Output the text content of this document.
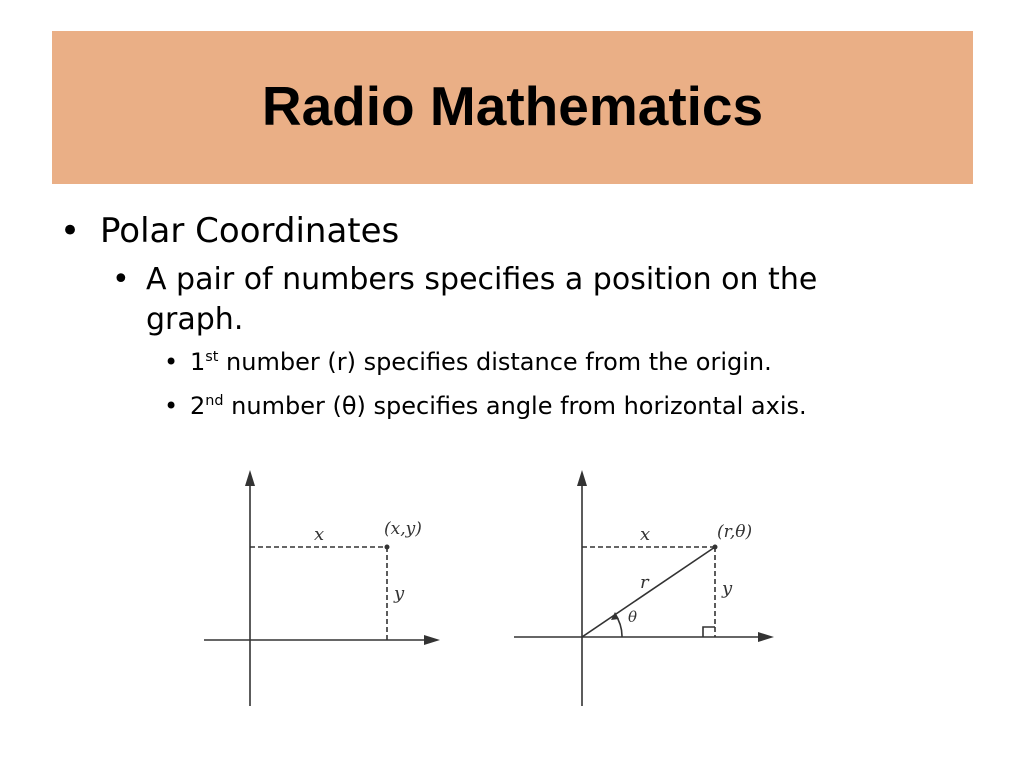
Radio Mathematics
• Polar Coordinates
• A pair of numbers specifies a position on the graph.
• 1st number (r) specifies distance from the origin.
• 2nd number (θ) specifies angle from horizontal axis.
x
y
(x,y)	x
y
r
θ
(r,θ)
